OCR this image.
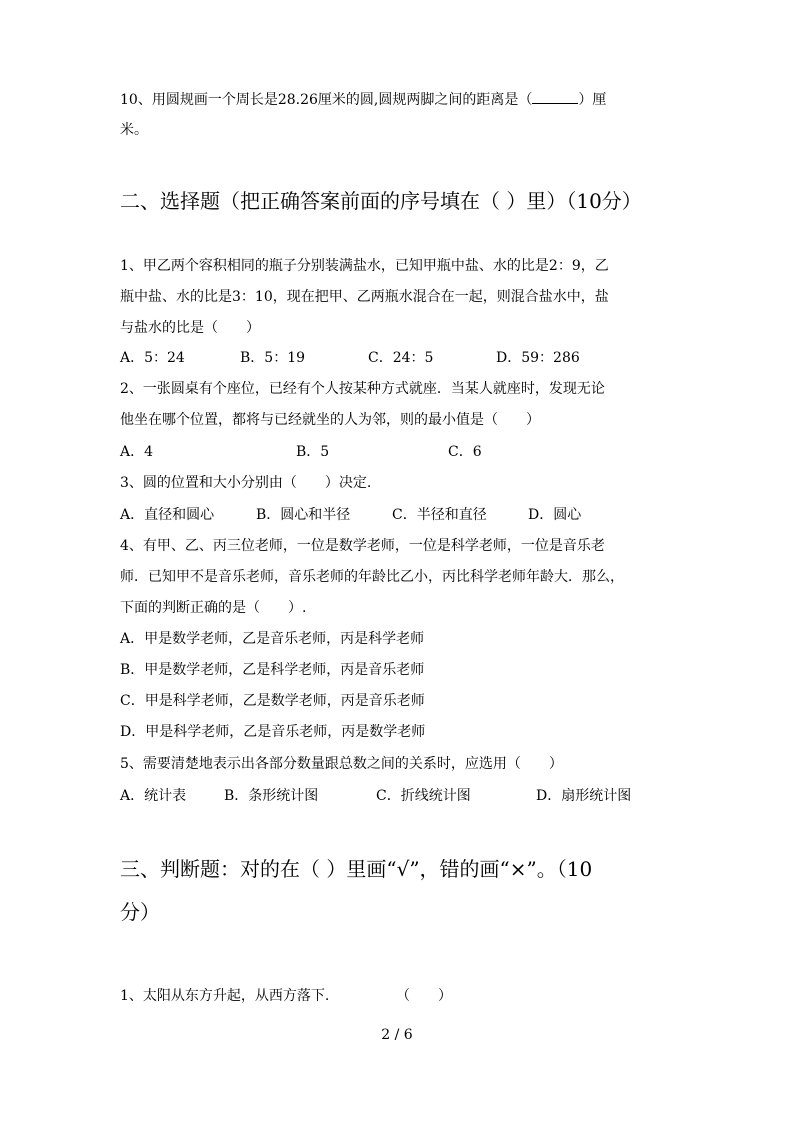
10、用圆规画一个周长是28.26厘米的圆,圆规两脚之间的距离是（	）厘
米。
二、选择题（把正确答案前面的序号填在（ ）里）（10分）
1、甲乙两个容积相同的瓶子分别装满盐水，已知甲瓶中盐、水的比是2：9，乙
瓶中盐、水的比是3：10，现在把甲、乙两瓶水混合在一起，则混合盐水中，盐
与盐水的比是（　　）
A．5：24	B．5：19	C．24：5	D．59：286
2、一张圆桌有个座位，已经有个人按某种方式就座．当某人就座时，发现无论
他坐在哪个位置，都将与已经就坐的人为邻，则的最小值是（　　）
A．4	B．5	C．6
3、圆的位置和大小分别由（　　）决定.
A．直径和圆心	B．圆心和半径	C．半径和直径	D．圆心
4、有甲、乙、丙三位老师，一位是数学老师，一位是科学老师，一位是音乐老
师．已知甲不是音乐老师，音乐老师的年龄比乙小，丙比科学老师年龄大．那么，
下面的判断正确的是（　　）.
A．甲是数学老师，乙是音乐老师，丙是科学老师
B．甲是数学老师，乙是科学老师，丙是音乐老师
C．甲是科学老师，乙是数学老师，丙是音乐老师
D．甲是科学老师，乙是音乐老师，丙是数学老师
5、需要清楚地表示出各部分数量跟总数之间的关系时，应选用（　　）
A．统计表	B．条形统计图	C．折线统计图	D．扇形统计图
三、判断题：对的在（ ）里画“√”，错的画“×”。（10
分）
1、太阳从东方升起，从西方落下.	（　　）
2 / 6
